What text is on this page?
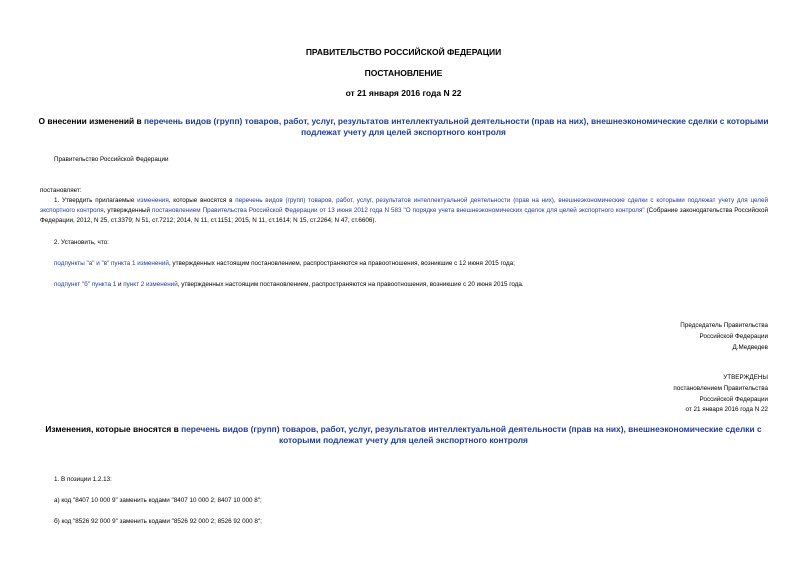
ПРАВИТЕЛЬСТВО РОССИЙСКОЙ ФЕДЕРАЦИИ
ПОСТАНОВЛЕНИЕ
от 21 января 2016 года N 22
О внесении изменений в перечень видов (групп) товаров, работ, услуг, результатов интеллектуальной деятельности (прав на них), внешнеэкономические сделки с которыми подлежат учету для целей экспортного контроля
Правительство Российской Федерации
постановляет:
1. Утвердить прилагаемые изменения, которые вносятся в перечень видов (групп) товаров, работ, услуг, результатов интеллектуальной деятельности (прав на них), внешнеэкономические сделки с которыми подлежат учету для целей экспортного контроля, утвержденный постановлением Правительства Российской Федерации от 13 июня 2012 года N 583 "О порядке учета внешнеэкономических сделок для целей экспортного контроля" (Собрание законодательства Российской Федерации, 2012, N 25, ст.3379; N 51, ст.7212; 2014, N 11, ст.1151; 2015, N 11, ст.1614; N 15, ст.2264; N 47, ст.6606).
2. Установить, что:
подпункты "а" и "в" пункта 1 изменений, утвержденных настоящим постановлением, распространяются на правоотношения, возникшие с 12 июня 2015 года;
подпункт "б" пункта 1 и пункт 2 изменений, утвержденных настоящим постановлением, распространяются на правоотношения, возникшие с 20 июня 2015 года.
Председатель Правительства
Российской Федерации
Д.Медведев
УТВЕРЖДЕНЫ
постановлением Правительства
Российской Федерации
от 21 января 2016 года N 22
Изменения, которые вносятся в перечень видов (групп) товаров, работ, услуг, результатов интеллектуальной деятельности (прав на них), внешнеэкономические сделки с которыми подлежат учету для целей экспортного контроля
1. В позиции 1.2.13:
а) код "8407 10 000 9" заменить кодами "8407 10 000 2; 8407 10 000 8";
б) код "8526 92 000 9" заменить кодами "8526 92 000 2; 8526 92 000 8";
